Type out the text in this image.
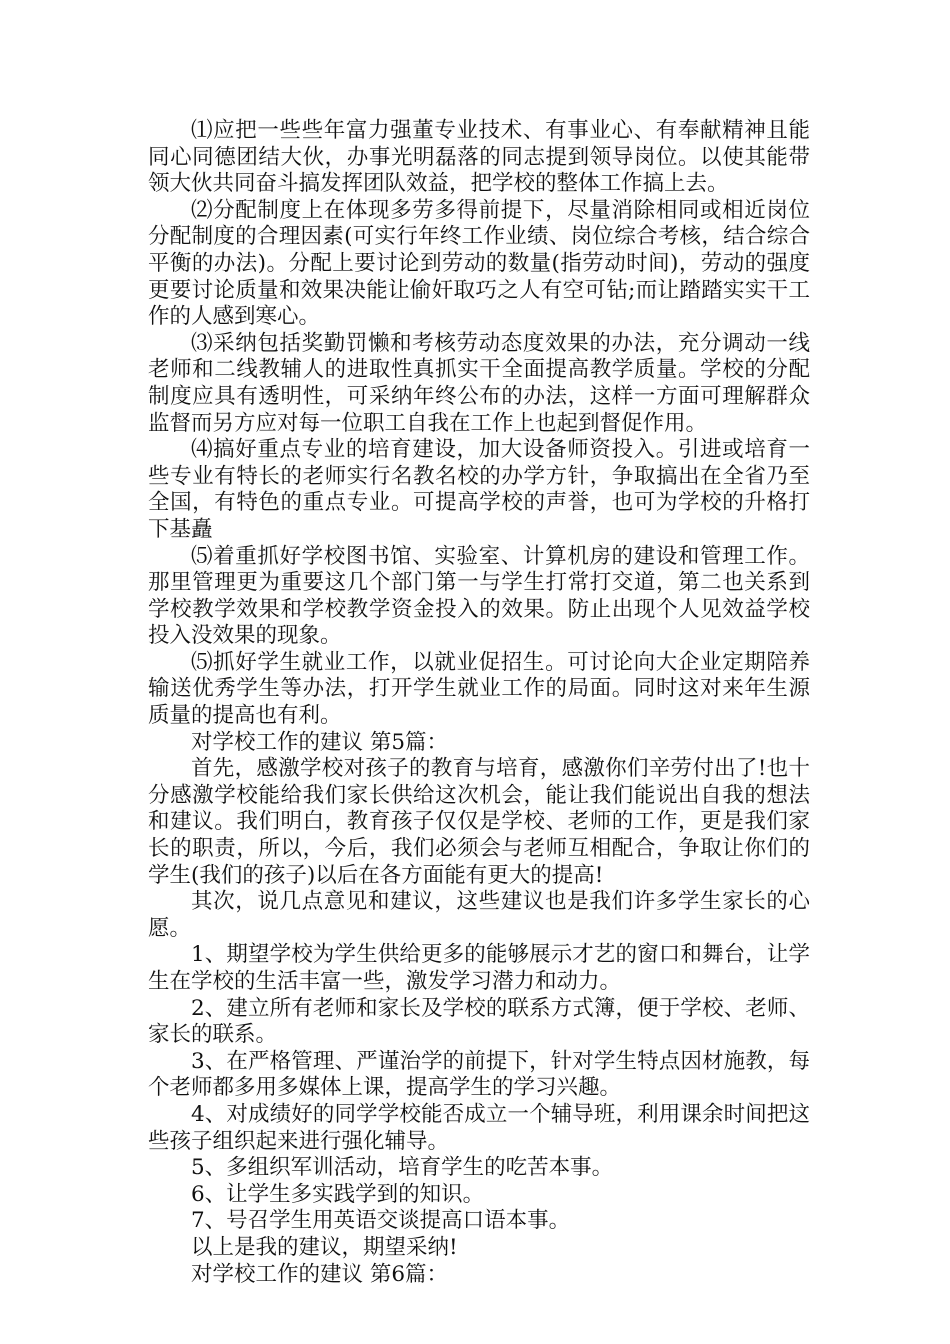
⑴应把一些些年富力强董专业技术、有事业心、有奉献精神且能同心同德团结大伙，办事光明磊落的同志提到领导岗位。以使其能带领大伙共同奋斗搞发挥团队效益，把学校的整体工作搞上去。

⑵分配制度上在体现多劳多得前提下，尽量消除相同或相近岗位分配制度的合理因素(可实行年终工作业绩、岗位综合考核，结合综合平衡的办法)。分配上要讨论到劳动的数量(指劳动时间)，劳动的强度更要讨论质量和效果决能让偷奸取巧之人有空可钻;而让踏踏实实干工作的人感到寒心。

⑶采纳包括奖勤罚懒和考核劳动态度效果的办法，充分调动一线老师和二线教辅人的进取性真抓实干全面提高教学质量。学校的分配制度应具有透明性，可采纳年终公布的办法，这样一方面可理解群众监督而另方应对每一位职工自我在工作上也起到督促作用。

⑷搞好重点专业的培育建设，加大设备师资投入。引进或培育一些专业有特长的老师实行名教名校的办学方针，争取搞出在全省乃至全国，有特色的重点专业。可提高学校的声誉，也可为学校的升格打下基矗

⑸着重抓好学校图书馆、实验室、计算机房的建设和管理工作。那里管理更为重要这几个部门第一与学生打常打交道，第二也关系到学校教学效果和学校教学资金投入的效果。防止出现个人见效益学校投入没效果的现象。

⑸抓好学生就业工作，以就业促招生。可讨论向大企业定期陪养输送优秀学生等办法，打开学生就业工作的局面。同时这对来年生源质量的提高也有利。

对学校工作的建议 第5篇：

首先，感激学校对孩子的教育与培育，感激你们辛劳付出了!也十分感激学校能给我们家长供给这次机会，能让我们能说出自我的想法和建议。我们明白，教育孩子仅仅是学校、老师的工作，更是我们家长的职责，所以，今后，我们必须会与老师互相配合，争取让你们的学生(我们的孩子)以后在各方面能有更大的提高!

其次，说几点意见和建议，这些建议也是我们许多学生家长的心愿。

1、期望学校为学生供给更多的能够展示才艺的窗口和舞台，让学生在学校的生活丰富一些，激发学习潜力和动力。

2、建立所有老师和家长及学校的联系方式簿，便于学校、老师、家长的联系。

3、在严格管理、严谨治学的前提下，针对学生特点因材施教，每个老师都多用多媒体上课，提高学生的学习兴趣。

4、对成绩好的同学学校能否成立一个辅导班，利用课余时间把这些孩子组织起来进行强化辅导。

5、多组织军训活动，培育学生的吃苦本事。

6、让学生多实践学到的知识。

7、号召学生用英语交谈提高口语本事。

以上是我的建议，期望采纳!

对学校工作的建议 第6篇：
